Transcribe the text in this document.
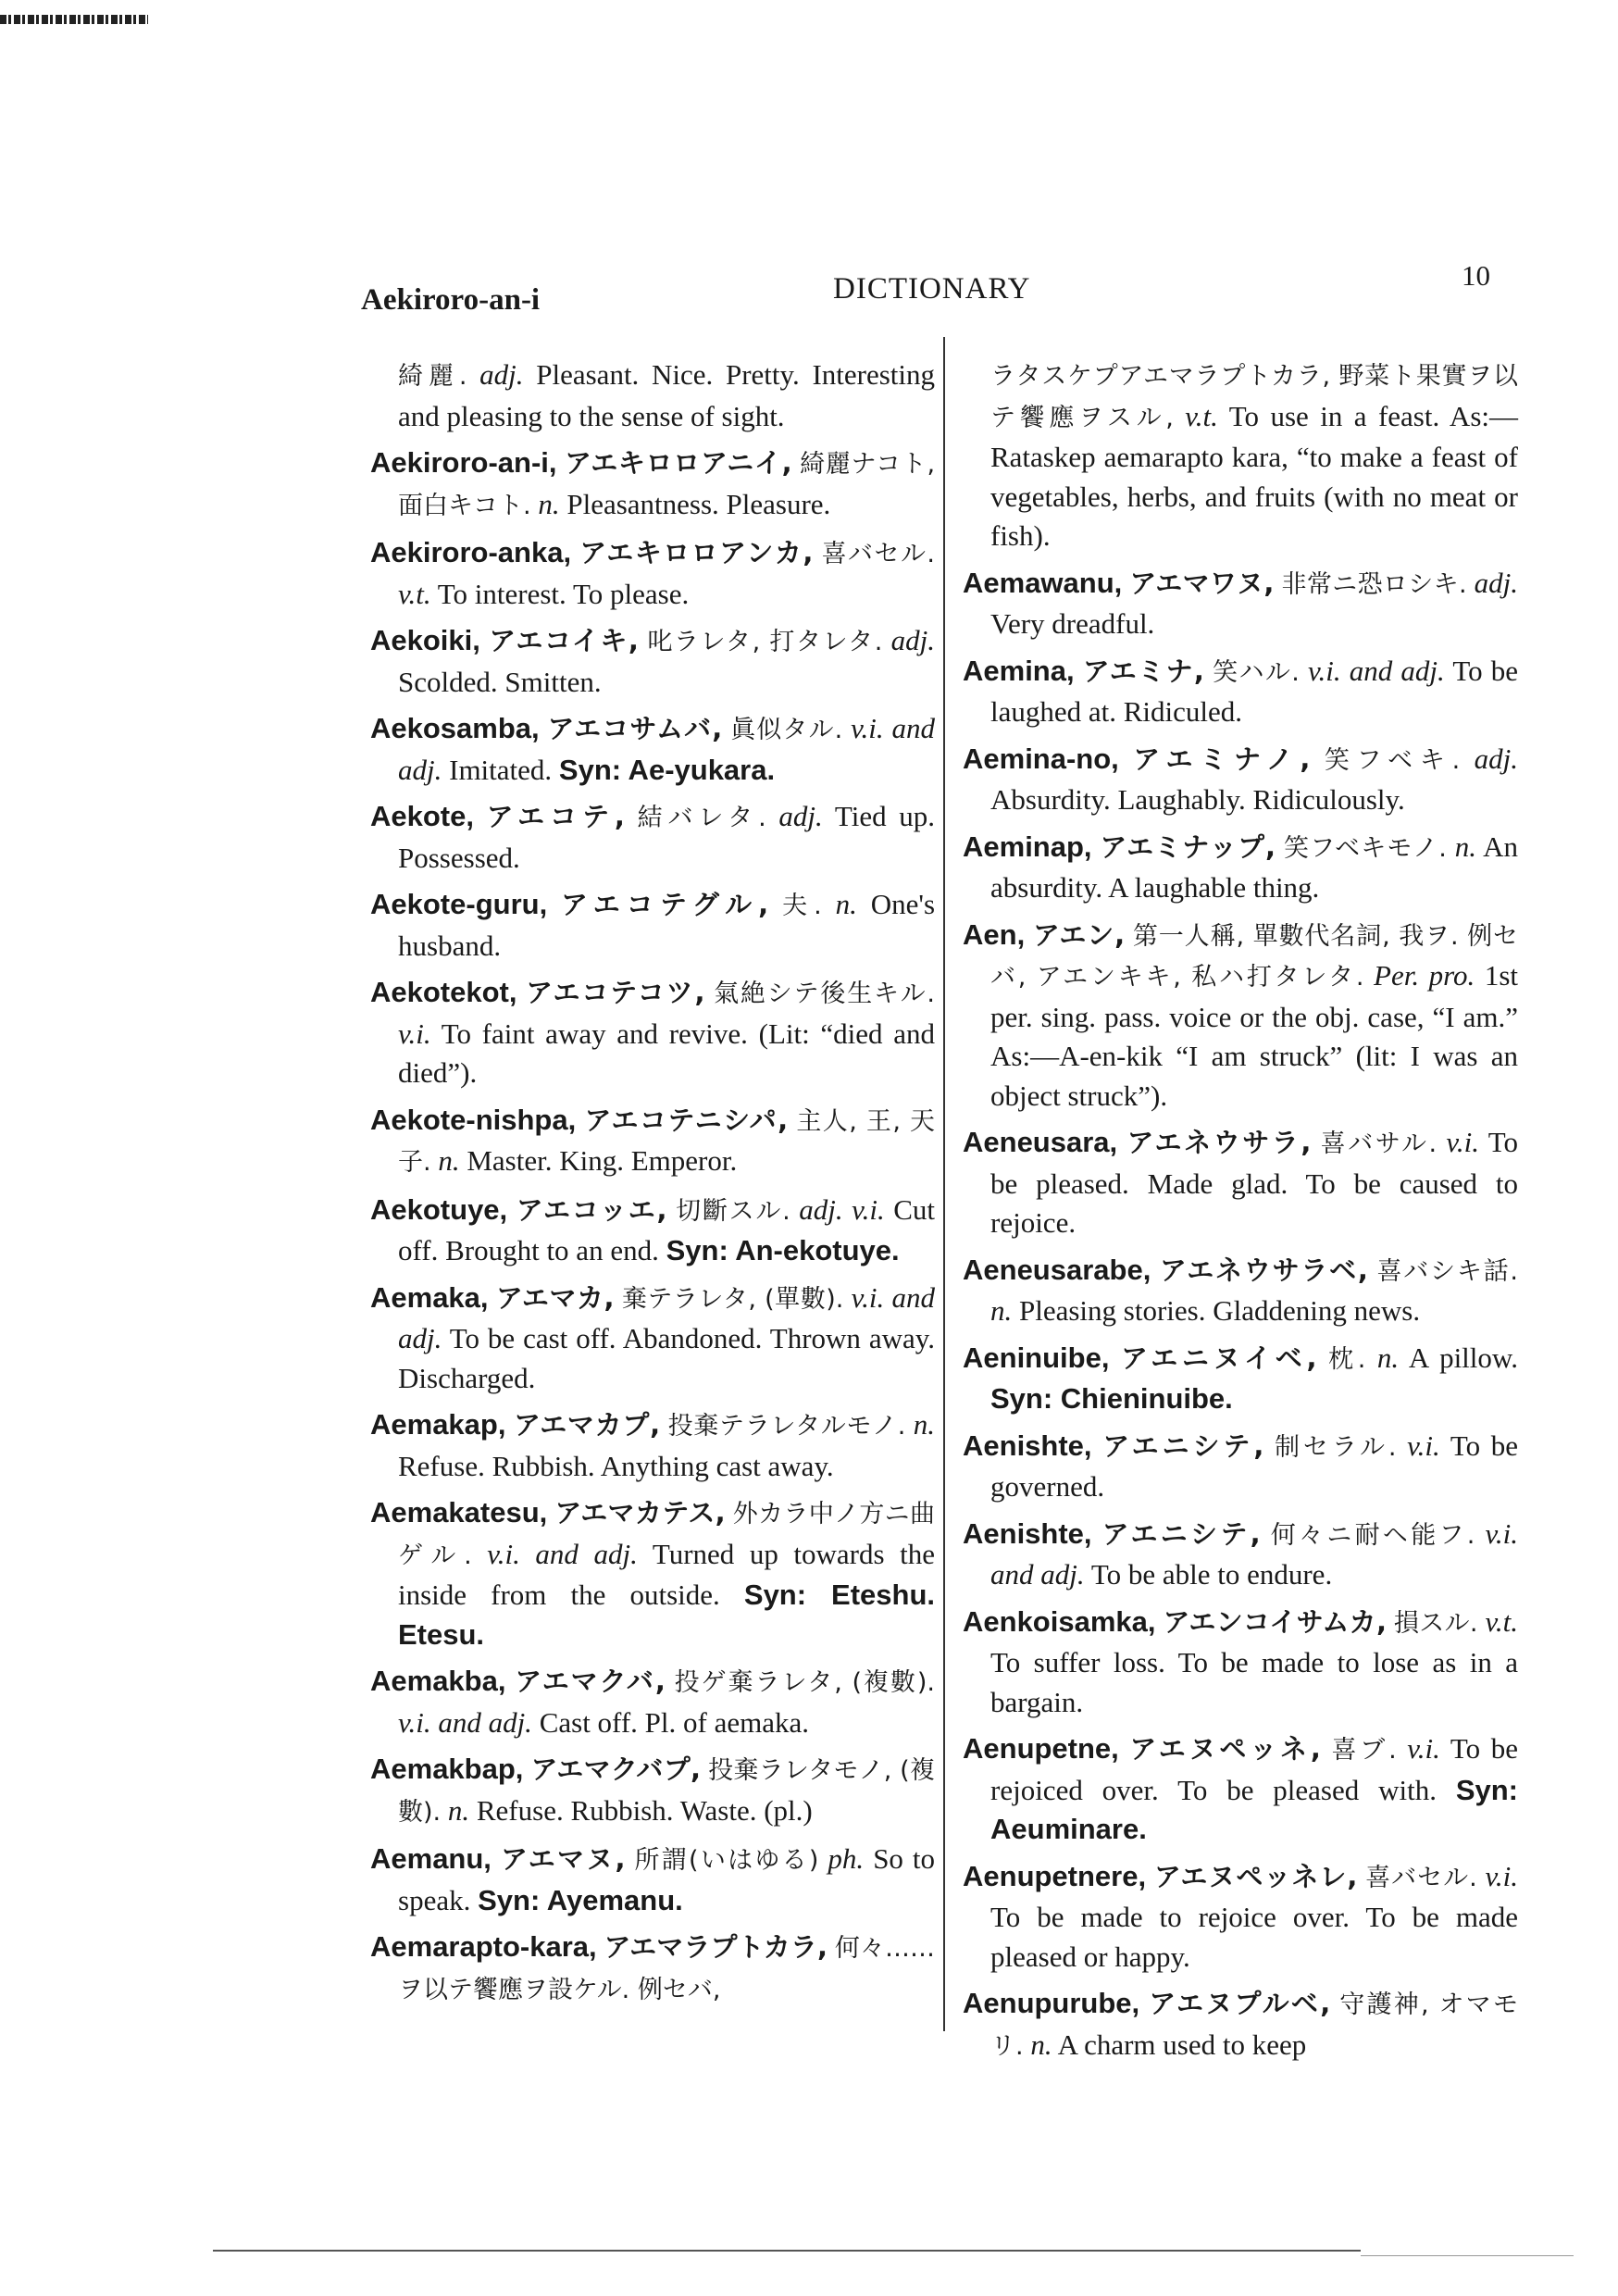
Aekiroro-an-i	DICTIONARY	10

綺麗. adj. Pleasant. Nice. Pretty. Interesting and pleasing to the sense of sight.

Aekiroro-an-i, アエキロロアニイ, 綺麗ナコト, 面白キコト. n. Pleasantness. Pleasure.

Aekiroro-anka, アエキロロアンカ, 喜バセル. v.t. To interest. To please.

Aekoiki, アエコイキ, 叱ラレタ, 打タレタ. adj. Scolded. Smitten.

Aekosamba, アエコサムバ, 眞似タル. v.i. and adj. Imitated. Syn: Ae-yukara.

Aekote, アエコテ, 結バレタ. adj. Tied up. Possessed.

Aekote-guru, アエコテグル, 夫. n. One's husband.

Aekotekot, アエコテコツ, 氣絶シテ後生キル. v.i. To faint away and revive. (Lit: “died and died”).

Aekote-nishpa, アエコテニシパ, 主人, 王, 天子. n. Master. King. Emperor.

Aekotuye, アエコッエ, 切斷スル. adj. v.i. Cut off. Brought to an end. Syn: An-ekotuye.

Aemaka, アエマカ, 棄テラレタ, (單數). v.i. and adj. To be cast off. Abandoned. Thrown away. Discharged.

Aemakap, アエマカプ, 投棄テラレタルモノ. n. Refuse. Rubbish. Anything cast away.

Aemakatesu, アエマカテス, 外カラ中ノ方ニ曲ゲル. v.i. and adj. Turned up towards the inside from the outside. Syn: Eteshu. Etesu.

Aemakba, アエマクバ, 投ゲ棄ラレタ, (複數). v.i. and adj. Cast off. Pl. of aemaka.

Aemakbap, アエマクバプ, 投棄ラレタモノ, (複數). n. Refuse. Rubbish. Waste. (pl.)

Aemanu, アエマヌ, 所謂(いはゆる) ph. So to speak. Syn: Ayemanu.

Aemarapto-kara, アエマラプトカラ, 何々……ヲ以テ饗應ヲ設ケル. 例セバ,

ラタスケプアエマラプトカラ, 野菜ト果實ヲ以テ饗應ヲスル, v.t. To use in a feast. As:—Rataskep aemarapto kara, “to make a feast of vegetables, herbs, and fruits (with no meat or fish).

Aemawanu, アエマワヌ, 非常ニ恐ロシキ. adj. Very dreadful.

Aemina, アエミナ, 笑ハル. v.i. and adj. To be laughed at. Ridiculed.

Aemina-no, アエミナノ, 笑フベキ. adj. Absurdity. Laughably. Ridiculously.

Aeminap, アエミナップ, 笑フベキモノ. n. An absurdity. A laughable thing.

Aen, アエン, 第一人稱, 單數代名詞, 我ヲ. 例セバ, アエンキキ, 私ハ打タレタ. Per. pro. 1st per. sing. pass. voice or the obj. case, “I am.” As:—A-en-kik “I am struck” (lit: I was an object struck”).

Aeneusara, アエネウサラ, 喜バサル. v.i. To be pleased. Made glad. To be caused to rejoice.

Aeneusarabe, アエネウサラベ, 喜バシキ話. n. Pleasing stories. Gladdening news.

Aeninuibe, アエニヌイベ, 枕. n. A pillow. Syn: Chieninuibe.

Aenishte, アエニシテ, 制セラル. v.i. To be governed.

Aenishte, アエニシテ, 何々ニ耐ヘ能フ. v.i. and adj. To be able to endure.

Aenkoisamka, アエンコイサムカ, 損スル. v.t. To suffer loss. To be made to lose as in a bargain.

Aenupetne, アエヌペッネ, 喜ブ. v.i. To be rejoiced over. To be pleased with. Syn: Aeuminare.

Aenupetnere, アエヌペッネレ, 喜バセル. v.i. To be made to rejoice over. To be made pleased or happy.

Aenupurube, アエヌプルベ, 守護神, オマモリ. n. A charm used to keep
